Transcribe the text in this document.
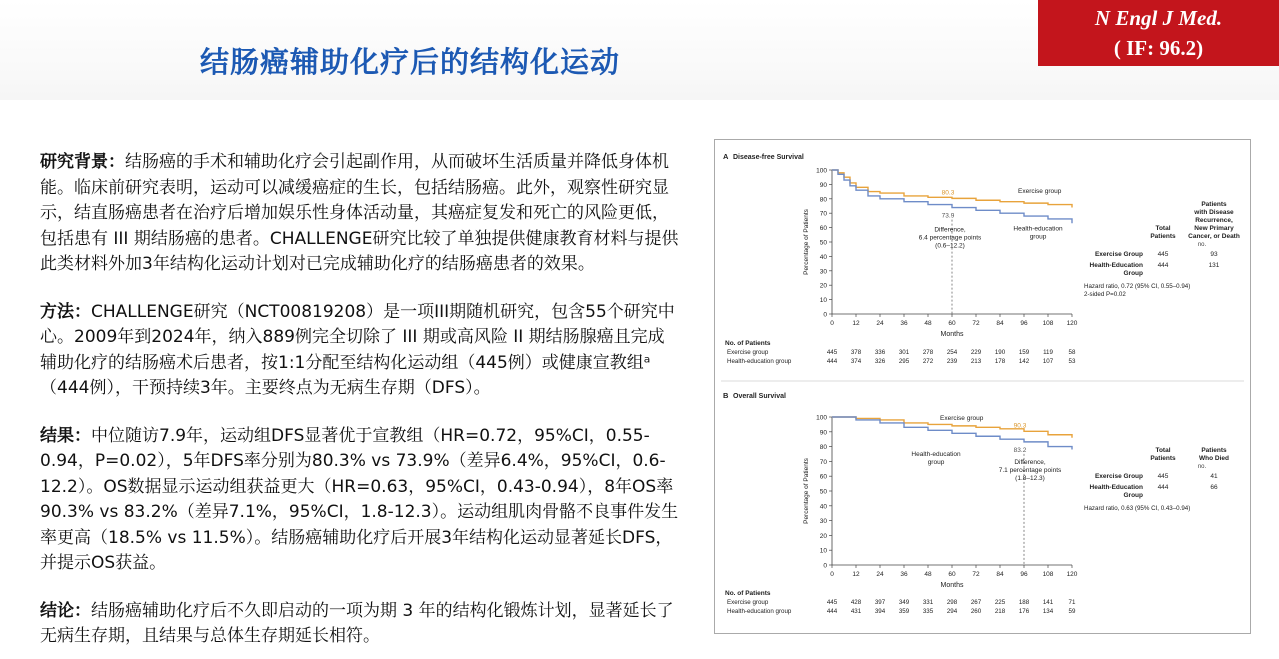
结肠癌辅助化疗后的结构化运动
N Engl J Med.
( IF: 96.2)

研究背景：结肠癌的手术和辅助化疗会引起副作用，从而破坏生活质量并降低身体机能。临床前研究表明，运动可以减缓癌症的生长，包括结肠癌。此外，观察性研究显示，结直肠癌患者在治疗后增加娱乐性身体活动量，其癌症复发和死亡的风险更低，包括患有 III 期结肠癌的患者。CHALLENGE研究比较了单独提供健康教育材料与提供此类材料外加3年结构化运动计划对已完成辅助化疗的结肠癌患者的效果。

方法：CHALLENGE研究（NCT00819208）是一项III期随机研究，包含55个研究中心。2009年到2024年，纳入889例完全切除了 III 期或高风险 II 期结肠腺癌且完成辅助化疗的结肠癌术后患者，按1:1分配至结构化运动组（445例）或健康宣教组ᵃ（444例），干预持续3年。主要终点为无病生存期（DFS）。

结果：中位随访7.9年，运动组DFS显著优于宣教组（HR=0.72，95%CI，0.55-0.94，P=0.02），5年DFS率分别为80.3% vs 73.9%（差异6.4%，95%CI，0.6-12.2）。OS数据显示运动组获益更大（HR=0.63，95%CI，0.43-0.94），8年OS率90.3% vs 83.2%（差异7.1%，95%CI，1.8-12.3）。运动组肌肉骨骼不良事件发生率更高（18.5% vs 11.5%）。结肠癌辅助化疗后开展3年结构化运动显著延长DFS，并提示OS获益。

结论：结肠癌辅助化疗后不久即启动的一项为期 3 年的结构化锻炼计划，显著延长了无病生存期，且结果与总体生存期延长相符。

A Disease-free Survival
0
10
20
30
40
50
60
70
80
90
100
0	12	24	36	48	60	72	84	96 108 120
Months
Percentage of Patients
80.3
73.9
Difference,
6.4 percentage points
(0.6–12.2)
Exercise group
Health-education
group
Patients
with Disease
Recurrence,
New Primary
Cancer, or Death
Total
Patients
no.
Exercise Group 445	93
Health-Education
Group
444	131
Hazard ratio, 0.72 (95% CI, 0.55–0.94)
2-sided P=0.02
No. of Patients
Exercise group	445 378 336 301 278 254 229 190 159 119	58
Health-education group	444 374 326 295 272 239 213 178 142 107 53
B Overall Survival
0
10
20
30
40
50
60
70
80
90
100
0	12	24	36	48	60	72	84	96 108 120
Months
Percentage of Patients
90.3
83.2
Difference,
7.1 percentage points
(1.8–12.3)
Exercise group
Health-education
group
Patients
Who Died
Total
Patients
no.
Exercise Group 445	41
Health-Education
Group
444	66
Hazard ratio, 0.63 (95% CI, 0.43–0.94)
No. of Patients
Exercise group	445 428 397 349 331 298 267 225 188 141 71
Health-education group	444 431 394 359 335 294 260 218 176 134 59
